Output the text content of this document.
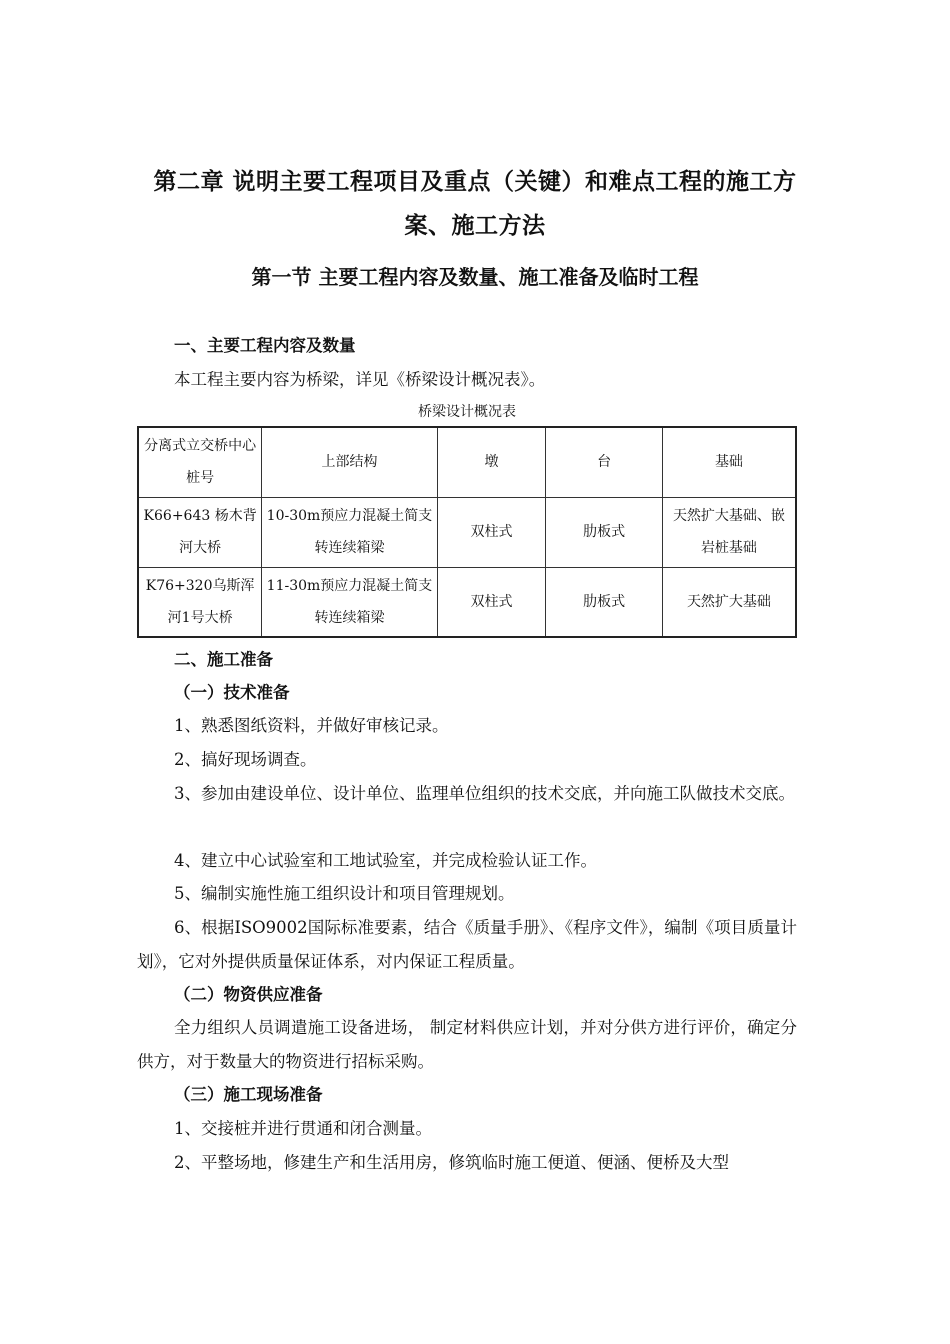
第二章 说明主要工程项目及重点（关键）和难点工程的施工方
案、施工方法
第一节 主要工程内容及数量、施工准备及临时工程
一、主要工程内容及数量
本工程主要内容为桥梁，详见《桥梁设计概况表》。
桥梁设计概况表
分离式立交桥中心桩号	上部结构	墩	台	基础
K66+643 杨木背河大桥	10-30m预应力混凝土简支转连续箱梁	双柱式	肋板式	天然扩大基础、嵌岩桩基础
K76+320乌斯浑河1号大桥	11-30m预应力混凝土简支转连续箱梁	双柱式	肋板式	天然扩大基础
二、施工准备
（一）技术准备
1、熟悉图纸资料，并做好审核记录。
2、搞好现场调查。
3、参加由建设单位、设计单位、监理单位组织的技术交底，并向施工队做技术交底。
4、建立中心试验室和工地试验室，并完成检验认证工作。
5、编制实施性施工组织设计和项目管理规划。
6、根据ISO9002国际标准要素，结合《质量手册》、《程序文件》，编制《项目质量计划》，它对外提供质量保证体系，对内保证工程质量。
（二）物资供应准备
全力组织人员调遣施工设备进场， 制定材料供应计划，并对分供方进行评价，确定分供方，对于数量大的物资进行招标采购。
（三）施工现场准备
1、交接桩并进行贯通和闭合测量。
2、平整场地，修建生产和生活用房，修筑临时施工便道、便涵、便桥及大型
